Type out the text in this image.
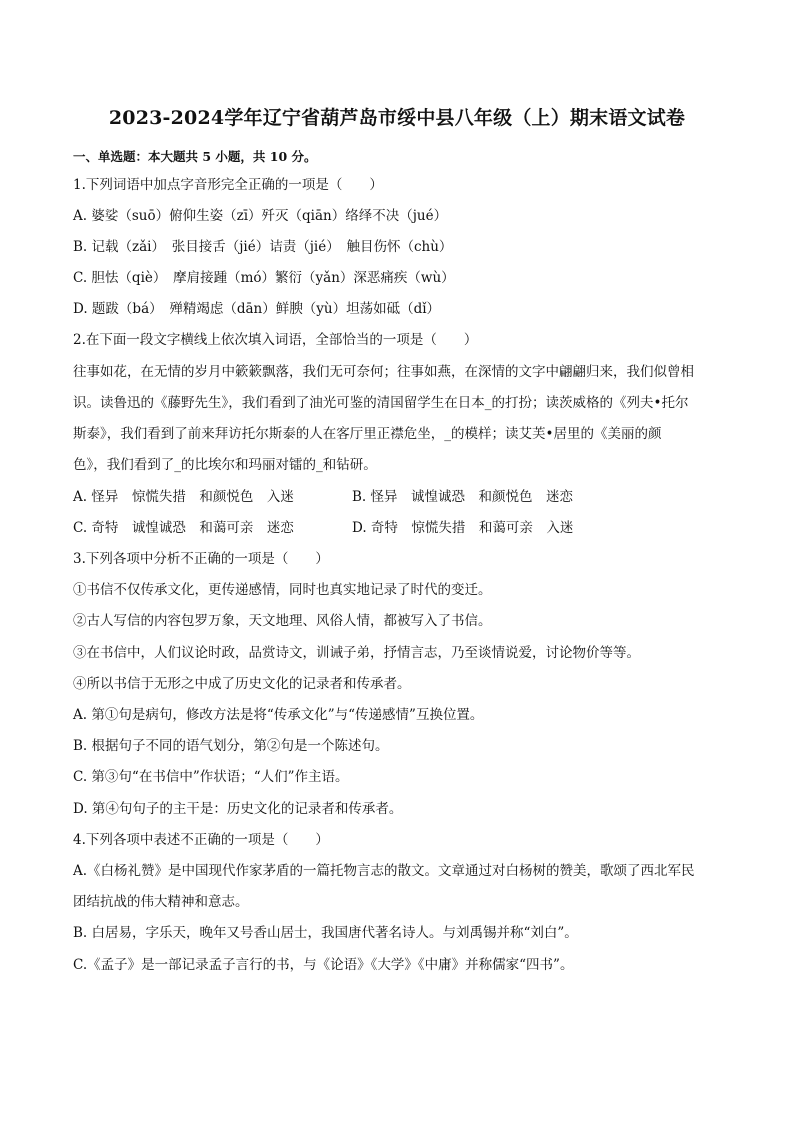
2023-2024学年辽宁省葫芦岛市绥中县八年级（上）期末语文试卷
一、单选题：本大题共 5 小题，共 10 分。
1.下列词语中加点字音形完全正确的一项是（　　）
A. 婆娑（suō）俯仰生姿（zī）歼灭（qiān）络绎不决（jué）
B. 记载（zǎi）　张目接舌（jié）诘责（jié）　触目伤怀（chù）
C. 胆怯（qiè）　摩肩接踵（mó）繁衍（yǎn）深恶痛疾（wù）
D. 题跋（bá）　殚精竭虑（dān）鲜腴（yù）坦荡如砥（dǐ）
2.在下面一段文字横线上依次填入词语，全部恰当的一项是（　　）
往事如花，在无情的岁月中簌簌飘落，我们无可奈何；往事如燕，在深情的文字中翩翩归来，我们似曾相
识。读鲁迅的《藤野先生》，我们看到了油光可鉴的清国留学生在日本_的打扮；读茨威格的《列夫•托尔
斯泰》，我们看到了前来拜访托尔斯泰的人在客厅里正襟危坐，_的模样；读艾芙•居里的《美丽的颜
色》，我们看到了_的比埃尔和玛丽对镭的_和钻研。
A. 怪异　惊慌失措　和颜悦色　入迷	B. 怪异　诚惶诚恐　和颜悦色　迷恋
C. 奇特　诚惶诚恐　和蔼可亲　迷恋	D. 奇特　惊慌失措　和蔼可亲　入迷
3.下列各项中分析不正确的一项是（　　）
①书信不仅传承文化，更传递感情，同时也真实地记录了时代的变迁。
②古人写信的内容包罗万象，天文地理、风俗人情，都被写入了书信。
③在书信中，人们议论时政，品赏诗文，训诫子弟，抒情言志，乃至谈情说爱，讨论物价等等。
④所以书信于无形之中成了历史文化的记录者和传承者。
A. 第①句是病句，修改方法是将“传承文化”与“传递感情”互换位置。
B. 根据句子不同的语气划分，第②句是一个陈述句。
C. 第③句“在书信中”作状语；“人们”作主语。
D. 第④句句子的主干是：历史文化的记录者和传承者。
4.下列各项中表述不正确的一项是（　　）
A.《白杨礼赞》是中国现代作家茅盾的一篇托物言志的散文。文章通过对白杨树的赞美，歌颂了西北军民
团结抗战的伟大精神和意志。
B. 白居易，字乐天，晚年又号香山居士，我国唐代著名诗人。与刘禹锡并称“刘白”。
C.《孟子》是一部记录孟子言行的书，与《论语》《大学》《中庸》并称儒家“四书”。
